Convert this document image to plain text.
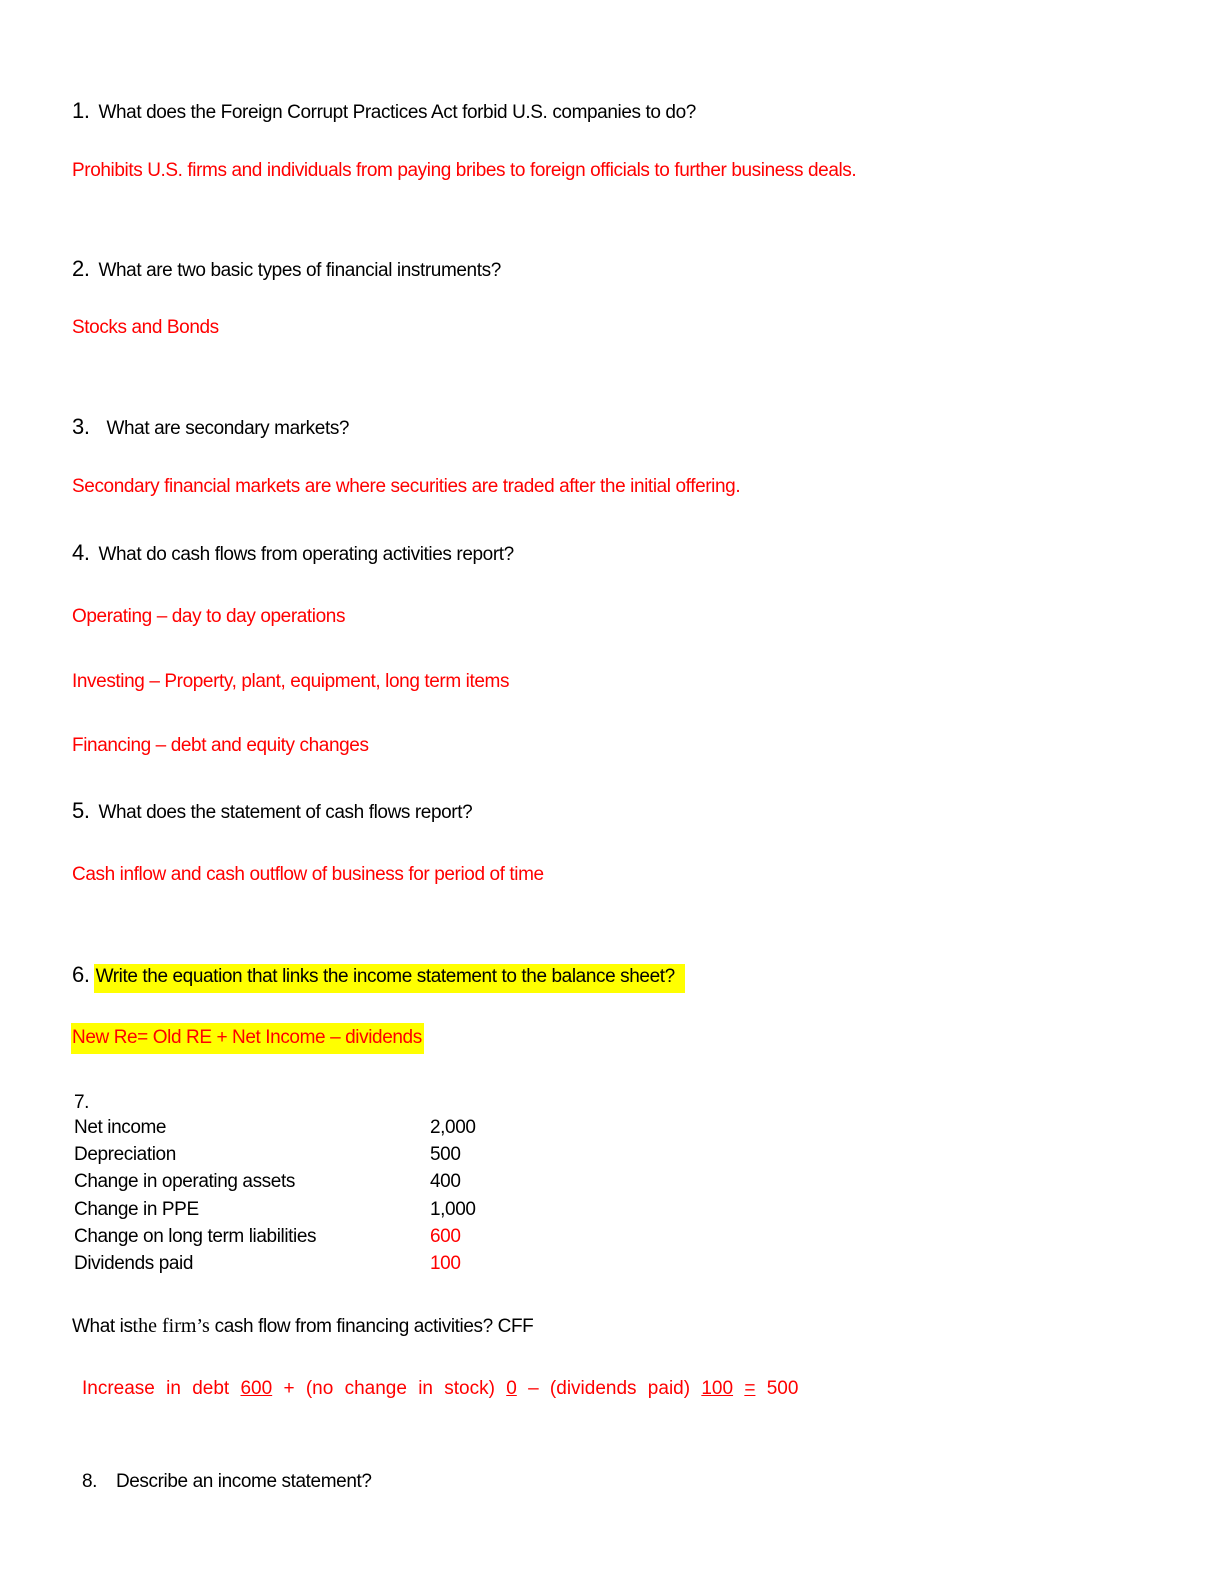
1. What does the Foreign Corrupt Practices Act forbid U.S. companies to do?
Prohibits U.S. firms and individuals from paying bribes to foreign officials to further business deals.
2. What are two basic types of financial instruments?
Stocks and Bonds
3. What are secondary markets?
Secondary financial markets are where securities are traded after the initial offering.
4. What do cash flows from operating activities report?
Operating – day to day operations
Investing – Property, plant, equipment, long term items
Financing – debt and equity changes
5. What does the statement of cash flows report?
Cash inflow and cash outflow of business for period of time
6. Write the equation that links the income statement to the balance sheet?
New Re= Old RE + Net Income – dividends
7.
Net income	2,000
Depreciation	500
Change in operating assets	400
Change in PPE	1,000
Change on long term liabilities	600
Dividends paid	100
What isthe firm’s cash flow from financing activities? CFF
Increase in debt 600 + (no change in stock) 0 – (dividends paid) 100 = 500
8. Describe an income statement?
